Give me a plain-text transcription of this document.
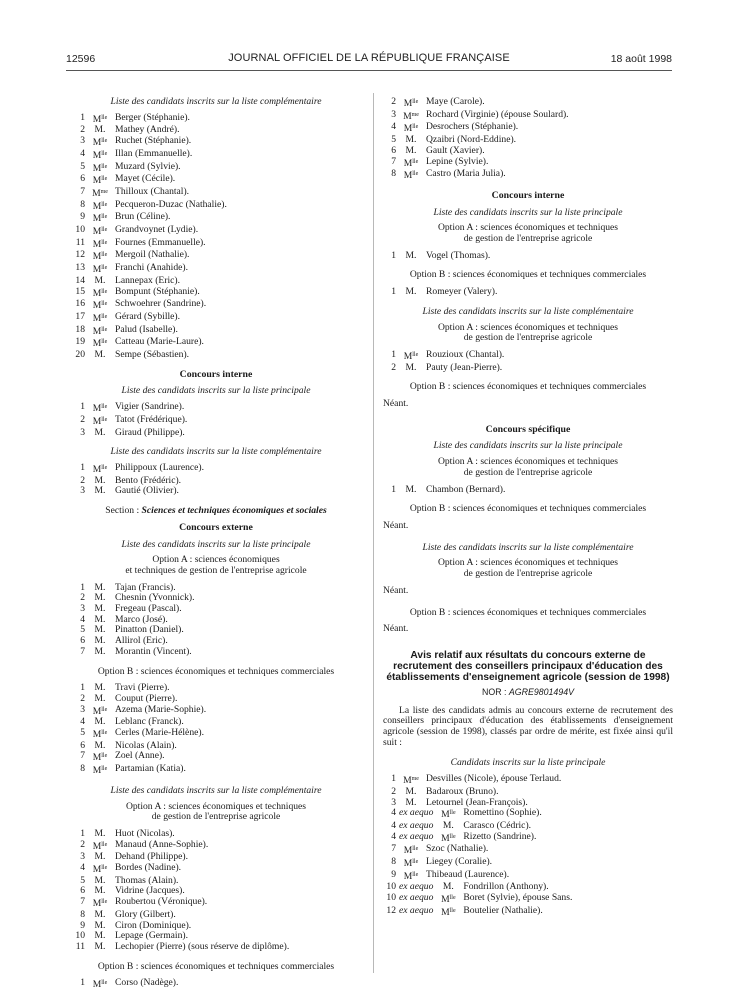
12596	JOURNAL OFFICIEL DE LA RÉPUBLIQUE FRANÇAISE	18 août 1998
Liste des candidats inscrits sur la liste complémentaire
1 $M^{lle}$ Berger (Stéphanie).
2 M. Mathey (André).
3 $M^{lle}$ Ruchet (Stéphanie).
4 $M^{lle}$ Illan (Emmanuelle).
5 $M^{lle}$ Muzard (Sylvie).
6 $M^{lle}$ Mayet (Cécile).
7 $M^{me}$ Thilloux (Chantal).
8 $M^{lle}$ Pecqueron-Duzac (Nathalie).
9 $M^{lle}$ Brun (Céline).
10 $M^{lle}$ Grandvoynet (Lydie).
11 $M^{lle}$ Fournes (Emmanuelle).
12 $M^{lle}$ Mergoil (Nathalie).
13 $M^{lle}$ Franchi (Anahide).
14 M. Lannepax (Eric).
15 $M^{lle}$ Bompunt (Stéphanie).
16 $M^{lle}$ Schwoehrer (Sandrine).
17 $M^{lle}$ Gérard (Sybille).
18 $M^{lle}$ Palud (Isabelle).
19 $M^{lle}$ Catteau (Marie-Laure).
20 M. Sempe (Sébastien).
Concours interne
Liste des candidats inscrits sur la liste principale
1 $M^{lle}$ Vigier (Sandrine).
2 $M^{lle}$ Tatot (Frédérique).
3 M. Giraud (Philippe).
Liste des candidats inscrits sur la liste complémentaire
1 $M^{lle}$ Philippoux (Laurence).
2 M. Bento (Frédéric).
3 M. Gautié (Olivier).
Section : Sciences et techniques économiques et sociales
Concours externe
Liste des candidats inscrits sur la liste principale
Option A : sciences économiques
et techniques de gestion de l'entreprise agricole
1 M. Tajan (Francis).
2 M. Chesnin (Yvonnick).
3 M. Fregeau (Pascal).
4 M. Marco (José).
5 M. Pinatton (Daniel).
6 M. Allirol (Eric).
7 M. Morantin (Vincent).
Option B : sciences économiques et techniques commerciales
1 M. Travi (Pierre).
2 M. Couput (Pierre).
3 $M^{lle}$ Azema (Marie-Sophie).
4 M. Leblanc (Franck).
5 $M^{lle}$ Cerles (Marie-Hélène).
6 M. Nicolas (Alain).
7 $M^{lle}$ Zoel (Anne).
8 $M^{lle}$ Partamian (Katia).
Liste des candidats inscrits sur la liste complémentaire
Option A : sciences économiques et techniques
de gestion de l'entreprise agricole
1 M. Huot (Nicolas).
2 $M^{lle}$ Manaud (Anne-Sophie).
3 M. Dehand (Philippe).
4 $M^{lle}$ Bordes (Nadine).
5 M. Thomas (Alain).
6 M. Vidrine (Jacques).
7 $M^{lle}$ Roubertou (Véronique).
8 M. Glory (Gilbert).
9 M. Ciron (Dominique).
10 M. Lepage (Germain).
11 M. Lechopier (Pierre) (sous réserve de diplôme).
Option B : sciences économiques et techniques commerciales
1 $M^{lle}$ Corso (Nadège).
2 $M^{lle}$ Maye (Carole).
3 $M^{me}$ Rochard (Virginie) (épouse Soulard).
4 $M^{lle}$ Desrochers (Stéphanie).
5 M. Qzaibri (Nord-Eddine).
6 M. Gault (Xavier).
7 $M^{lle}$ Lepine (Sylvie).
8 $M^{lle}$ Castro (Maria Julia).
Concours interne
Liste des candidats inscrits sur la liste principale
Option A : sciences économiques et techniques
de gestion de l'entreprise agricole
1 M. Vogel (Thomas).
Option B : sciences économiques et techniques commerciales
1 M. Romeyer (Valery).
Liste des candidats inscrits sur la liste complémentaire
Option A : sciences économiques et techniques
de gestion de l'entreprise agricole
1 $M^{lle}$ Rouzioux (Chantal).
2 M. Pauty (Jean-Pierre).
Option B : sciences économiques et techniques commerciales
Néant.
Concours spécifique
Liste des candidats inscrits sur la liste principale
Option A : sciences économiques et techniques
de gestion de l'entreprise agricole
1 M. Chambon (Bernard).
Option B : sciences économiques et techniques commerciales
Néant.
Liste des candidats inscrits sur la liste complémentaire
Option A : sciences économiques et techniques
de gestion de l'entreprise agricole
Néant.
Option B : sciences économiques et techniques commerciales
Néant.
Avis relatif aux résultats du concours externe de recrutement des conseillers principaux d'éducation des établissements d'enseignement agricole (session de 1998)
NOR : AGRE9801494V
La liste des candidats admis au concours externe de recrutement des conseillers principaux d'éducation des établissements d'enseignement agricole (session de 1998), classés par ordre de mérite, est fixée ainsi qu'il suit :
Candidats inscrits sur la liste principale
1 $M^{me}$ Desvilles (Nicole), épouse Terlaud.
2 M. Badaroux (Bruno).
3 M. Letournel (Jean-François).
4 ex aequo $M^{lle}$ Romettino (Sophie).
4 ex aequo M. Carasco (Cédric).
4 ex aequo $M^{lle}$ Rizetto (Sandrine).
7 $M^{lle}$ Szoc (Nathalie).
8 $M^{lle}$ Liegey (Coralie).
9 $M^{lle}$ Thibeaud (Laurence).
10 ex aequo M. Fondrillon (Anthony).
10 ex aequo $M^{lle}$ Boret (Sylvie), épouse Sans.
12 ex aequo $M^{lle}$ Boutelier (Nathalie).
